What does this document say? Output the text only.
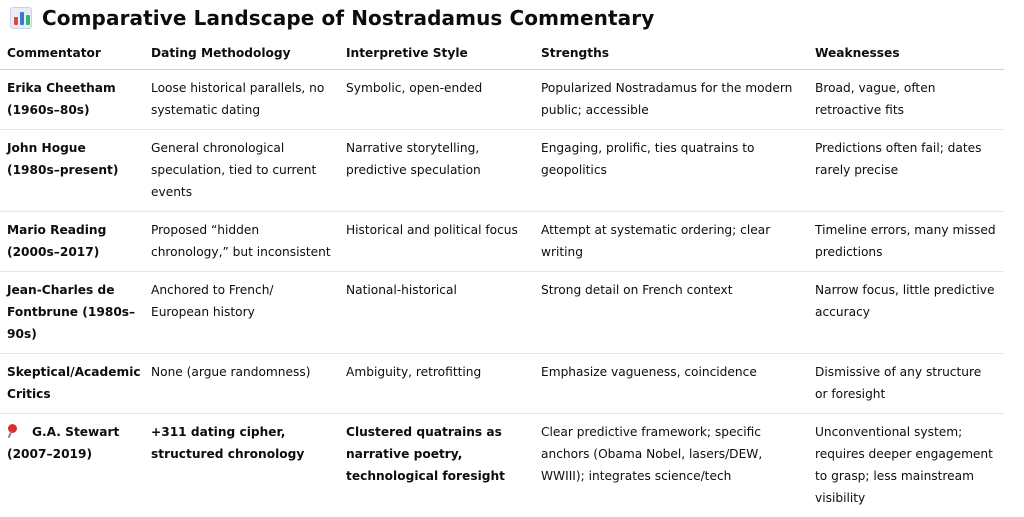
Comparative Landscape of Nostradamus Commentary
Commentator	Dating Methodology	Interpretive Style	Strengths	Weaknesses
Erika Cheetham (1960s–80s)	Loose historical parallels, no systematic dating	Symbolic, open-ended	Popularized Nostradamus for the modern public; accessible	Broad, vague, often retroactive fits
John Hogue (1980s–present)	General chronological speculation, tied to current events	Narrative storytelling, predictive speculation	Engaging, prolific, ties quatrains to geopolitics	Predictions often fail; dates rarely precise
Mario Reading (2000s–2017)	Proposed “hidden chronology,” but inconsistent	Historical and political focus	Attempt at systematic ordering; clear writing	Timeline errors, many missed predictions
Jean-Charles de Fontbrune (1980s–90s)	Anchored to French/ European history	National-historical	Strong detail on French context	Narrow focus, little predictive accuracy
Skeptical/Academic Critics	None (argue randomness)	Ambiguity, retrofitting	Emphasize vagueness, coincidence	Dismissive of any structure or foresight

G.A. Stewart (2007–2019)	+311 dating cipher, structured chronology	Clustered quatrains as narrative poetry, technological foresight	Clear predictive framework; specific anchors (Obama Nobel, lasers/DEW, WWIII); integrates science/tech	Unconventional system; requires deeper engagement to grasp; less mainstream visibility
